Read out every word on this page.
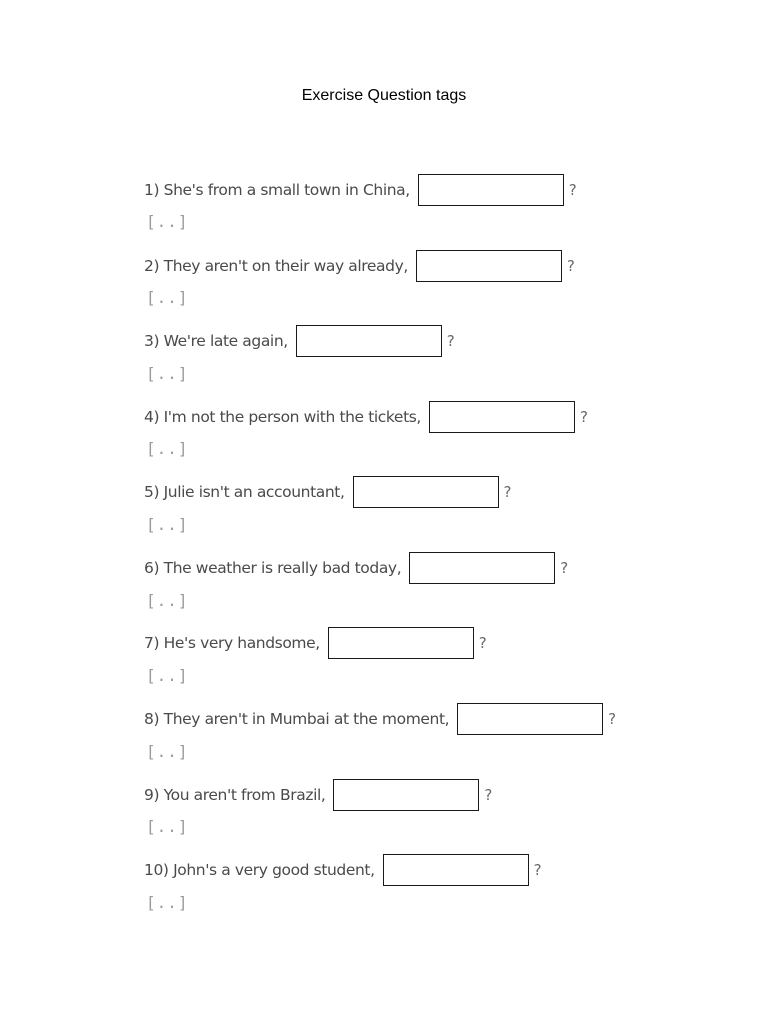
Exercise Question tags
1) She's from a small town in China,	?
[..]
2) They aren't on their way already,	?
[..]
3) We're late again,	?
[..]
4) I'm not the person with the tickets,	?
[..]
5) Julie isn't an accountant,	?
[..]
6) The weather is really bad today,	?
[..]
7) He's very handsome,	?
[..]
8) They aren't in Mumbai at the moment,	?
[..]
9) You aren't from Brazil,	?
[..]
10) John's a very good student,	?
[..]
